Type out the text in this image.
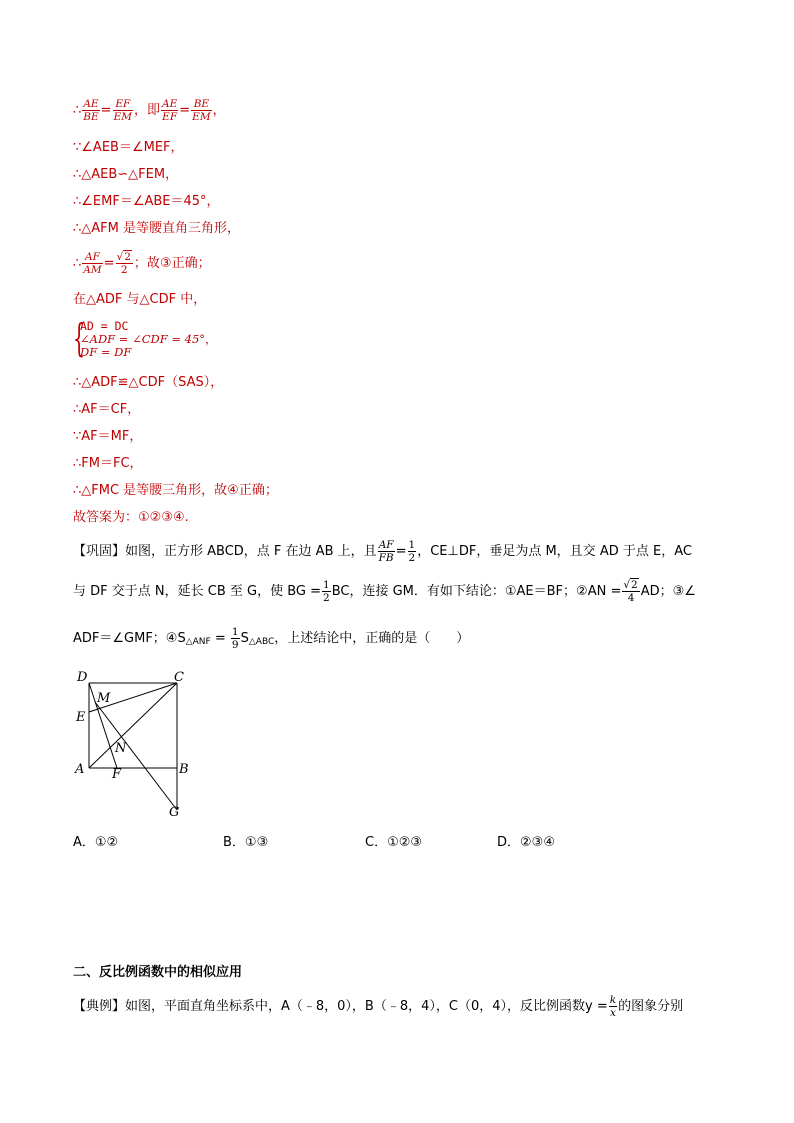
∴ $\frac{AE}{BE} = \frac{EF}{EM}$ ，即 $\frac{AE}{EF} = \frac{BE}{EM}$ ，
∵∠AEB＝∠MEF，
∴△AEB∽△FEM，
∴∠EMF＝∠ABE＝45°，
∴△AFM 是等腰直角三角形，
∴ $\frac{AF}{AM} = \frac{√2}{2}$ ；故③正确；
在△ADF 与△CDF 中，
{
AD = DC
∠ADF = ∠CDF = 45°，
DF = DF
∴△ADF≌△CDF（SAS），
∴AF＝CF，
∵AF＝MF，
∴FM＝FC，
∴△FMC 是等腰三角形，故④正确；
故答案为：①②③④.
【巩固】如图，正方形 ABCD，点 F 在边 AB 上，且 $\frac{AF}{FB} = \frac{1}{2}$ ，CE⊥DF，垂足为点 M，且交 AD 于点 E，AC
与 DF 交于点 N，延长 CB 至 G，使 BG = $\frac{1}{2}$ BC，连接 GM．有如下结论：①AE＝BF；②AN = $\frac{√2}{4}$ AD；③∠
ADF＝∠GMF；$④S_{\triangle ANF} = \frac{1}{9} S_{\triangle ABC}$，上述结论中，正确的是（　　）
D	C
M
E
N
A F	B
G
A．①②	B．①③	C．①②③	D．②③④
二、反比例函数中的相似应用
【典例】如图，平面直角坐标系中，A（﹣8，0），B（﹣8，4），C（0，4），反比例函数$y = \frac{k}{x}$ 的图象分别
